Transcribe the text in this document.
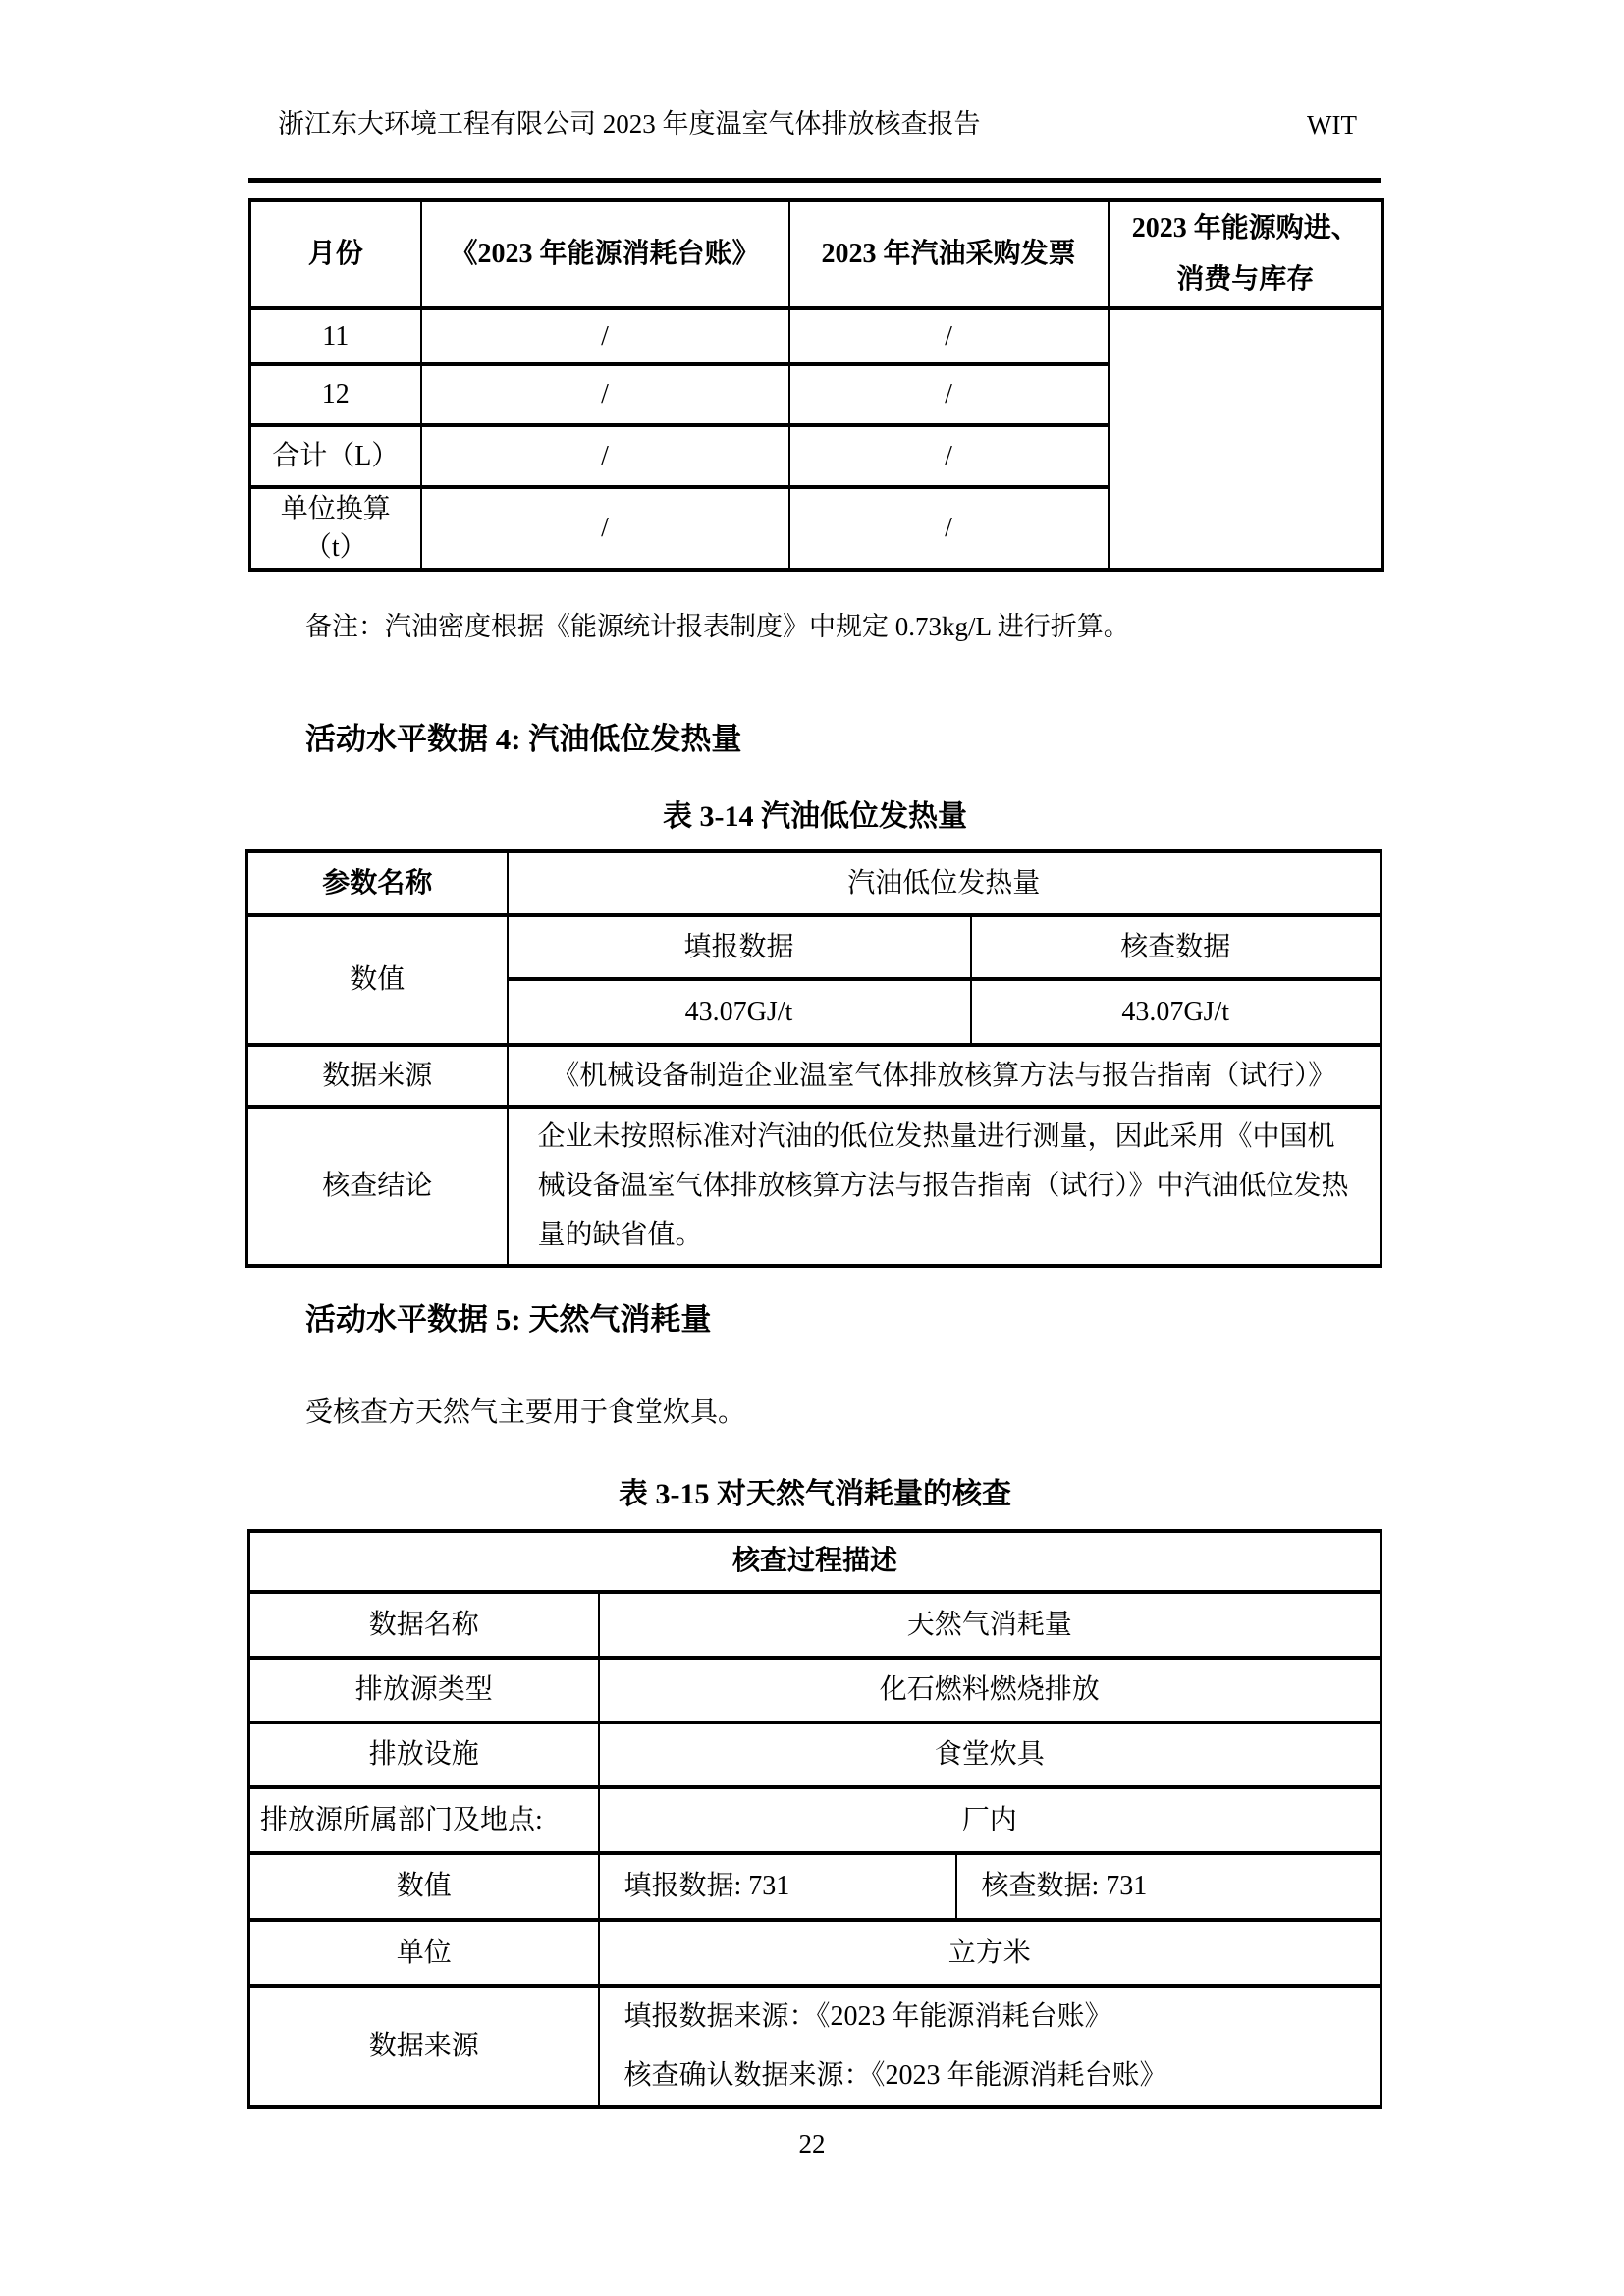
浙江东大环境工程有限公司 2023 年度温室气体排放核查报告	WIT
月份	《2023 年能源消耗台账》	2023 年汽油采购发票	2023 年能源购进、消费与库存
11	/	/	
12	/	/	
合计（L）	/	/	
单位换算（t）	/	/	
备注：汽油密度根据《能源统计报表制度》中规定 0.73kg/L 进行折算。
活动水平数据 4: 汽油低位发热量
表 3-14 汽油低位发热量
参数名称	汽油低位发热量	
数值	填报数据	核查数据
	43.07GJ/t	43.07GJ/t
数据来源	《机械设备制造企业温室气体排放核算方法与报告指南（试行）》	
核查结论	企业未按照标准对汽油的低位发热量进行测量，因此采用《中国机械设备温室气体排放核算方法与报告指南（试行）》中汽油低位发热量的缺省值。	
活动水平数据 5: 天然气消耗量
受核查方天然气主要用于食堂炊具。
表 3-15 对天然气消耗量的核查
核查过程描述		
数据名称	天然气消耗量	
排放源类型	化石燃料燃烧排放	
排放设施	食堂炊具	
排放源所属部门及地点:	厂内	
数值	填报数据: 731	核查数据: 731
单位	立方米	
数据来源	填报数据来源：《2023 年能源消耗台账》
核查确认数据来源：《2023 年能源消耗台账》	
22
